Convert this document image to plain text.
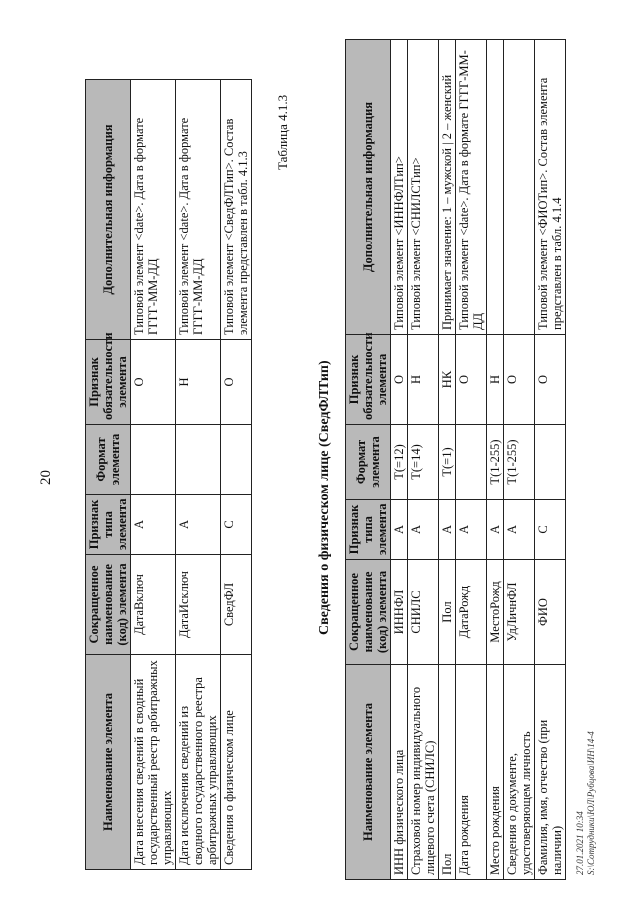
20
Наименование элемента	Сокращенное наименование (код) элемента	Признак типа элемента	Формат элемента	Признак обязательности элемента	Дополнительная информация
Дата внесения сведений в сводный государственный реестр арбитражных управляющих	ДатаВключ	А		О	Типовой элемент <date>. Дата в формате ГГГГ-ММ-ДД
Дата исключения сведений из сводного государственного реестра арбитражных управляющих	ДатаИсключ	А		Н	Типовой элемент <date>. Дата в формате ГГГГ-ММ-ДД
Сведения о физическом лице	СведФЛ	С		О	Типовой элемент <СведФЛТип>. Состав элемента представлен в табл. 4.1.3
Таблица 4.1.3
Сведения о физическом лице (СведФЛТип)
Наименование элемента	Сокращенное наименование (код) элемента	Признак типа элемента	Формат элемента	Признак обязательности элемента	Дополнительная информация
ИНН физического лица	ИННФЛ	А	T(=12)	О	Типовой элемент <ИННФЛТип>
Страховой номер индивидуального лицевого счета (СНИЛС)	СНИЛС	А	T(=14)	Н	Типовой элемент <СНИЛСТип>
Пол	Пол	А	T(=1)	НК	Принимает значение: 1 – мужской | 2 – женский
Дата рождения	ДатаРожд	А		О	Типовой элемент <date>. Дата в формате ГГГГ-ММ-ДД
Место рождения	МестоРожд	А	T(1-255)	Н	
Сведения о документе, удостоверяющем личность	УдЛичнФЛ	А	T(1-255)	О	
Фамилия, имя, отчество (при наличии)	ФИО	С		О	Типовой элемент <ФИОТип>. Состав элемента представлен в табл. 4.1.4
27.01.2021 10:34 S:\Сотрудники\ЮЛ\Рубцова\ИН\14-4
